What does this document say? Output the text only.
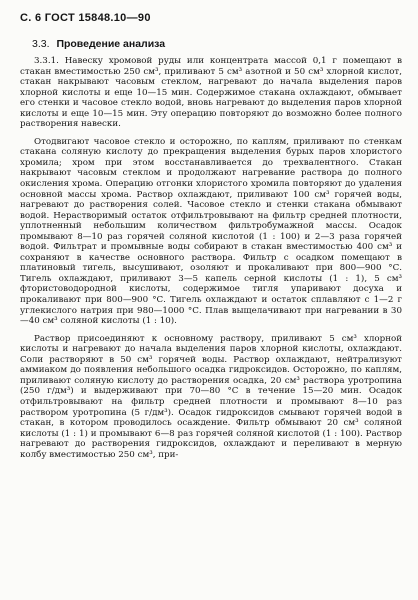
С. 6 ГОСТ 15848.10—90
3.3. Проведение анализа

3.3.1. Навеску хромовой руды или концентрата массой 0,1 г помещают в стакан вместимостью 250 см³, приливают 5 см³ азотной и 50 см³ хлорной кислот, стакан накрывают часовым стеклом, нагревают до начала выделения паров хлорной кислоты и еще 10—15 мин. Содержимое стакана охлаждают, обмывает его стенки и часовое стекло водой, вновь нагревают до выделения паров хлорной кислоты и еще 10—15 мин. Эту операцию повторяют до возможно более полного растворения навески.

Отодвигают часовое стекло и осторожно, по каплям, приливают по стенкам стакана соляную кислоту до прекращения выделения бурых паров хлористого хромила; хром при этом восстанавливается до трехвалентного. Стакан накрывают часовым стеклом и продолжают нагревание раствора до полного окисления хрома. Операцию отгонки хлористого хромила повторяют до удаления основной массы хрома. Раствор охлаждают, приливают 100 см³ горячей воды, нагревают до растворения солей. Часовое стекло и стенки стакана обмывают водой. Нерастворимый остаток отфильтровывают на фильтр средней плотности, уплотненный небольшим количеством фильтробумажной массы. Осадок промывают 8—10 раз горячей соляной кислотой (1 : 100) и 2—3 раза горячей водой. Фильтрат и промывные воды собирают в стакан вместимостью 400 см³ и сохраняют в качестве основного раствора. Фильтр с осадком помещают в платиновый тигель, высушивают, озоляют и прокаливают при 800—900 °С. Тигель охлаждают, приливают 3—5 капель серной кислоты (1 : 1), 5 см³ фтористоводородной кислоты, содержимое тигля упаривают досуха и прокаливают при 800—900 °С. Тигель охлаждают и остаток сплавляют с 1—2 г углекислого натрия при 980—1000 °С. Плав выщелачивают при нагревании в 30—40 см³ соляной кислоты (1 : 10).

Раствор присоединяют к основному раствору, приливают 5 см³ хлорной кислоты и нагревают до начала выделения паров хлорной кислоты, охлаждают. Соли растворяют в 50 см³ горячей воды. Раствор охлаждают, нейтрализуют аммиаком до появления небольшого осадка гидроксидов. Осторожно, по каплям, приливают соляную кислоту до растворения осадка, 20 см³ раствора уротропина (250 г/дм³) и выдерживают при 70—80 °С в течение 15—20 мин. Осадок отфильтровывают на фильтр средней плотности и промывают 8—10 раз раствором уротропина (5 г/дм³). Осадок гидроксидов смывают горячей водой в стакан, в котором проводилось осаждение. Фильтр обмывают 20 см³ соляной кислоты (1 : 1) и промывают 6—8 раз горячей соляной кислотой (1 : 100). Раствор нагревают до растворения гидроксидов, охлаждают и переливают в мерную колбу вместимостью 250 см³, при-
